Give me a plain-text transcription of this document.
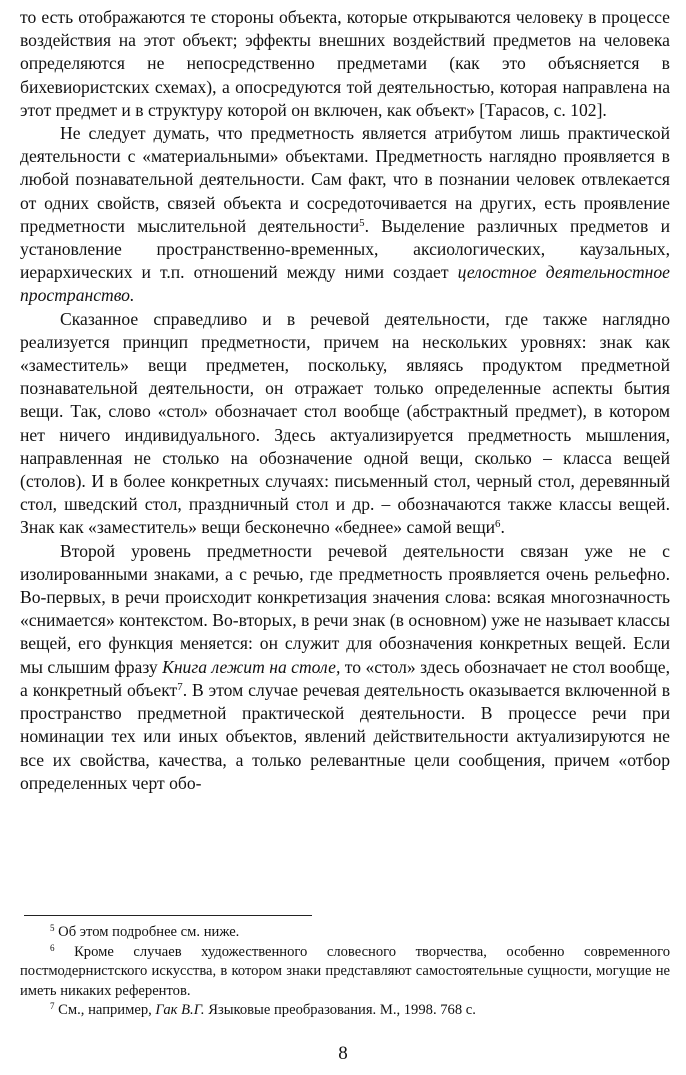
то есть отображаются те стороны объекта, которые открываются человеку в процессе воздействия на этот объект; эффекты внешних воздействий предметов на человека определяются не непосредственно предметами (как это объясняется в бихевиористских схемах), а опосредуются той деятельностью, которая направлена на этот предмет и в структуру которой он включен, как объект» [Тарасов, с. 102].

Не следует думать, что предметность является атрибутом лишь практической деятельности с «материальными» объектами. Предметность наглядно проявляется в любой познавательной деятельности. Сам факт, что в познании человек отвлекается от одних свойств, связей объекта и сосредоточивается на других, есть проявление предметности мыслительной деятельности$^5$. Выделение различных предметов и установление пространственно-временных, аксиологических, каузальных, иерархических и т.п. отношений между ними создает целостное деятельностное пространство.

Сказанное справедливо и в речевой деятельности, где также наглядно реализуется принцип предметности, причем на нескольких уровнях: знак как «заместитель» вещи предметен, поскольку, являясь продуктом предметной познавательной деятельности, он отражает только определенные аспекты бытия вещи. Так, слово «стол» обозначает стол вообще (абстрактный предмет), в котором нет ничего индивидуального. Здесь актуализируется предметность мышления, направленная не столько на обозначение одной вещи, сколько – класса вещей (столов). И в более конкретных случаях: письменный стол, черный стол, деревянный стол, шведский стол, праздничный стол и др. – обозначаются также классы вещей. Знак как «заместитель» вещи бесконечно «беднее» самой вещи$^6$.

Второй уровень предметности речевой деятельности связан уже не с изолированными знаками, а с речью, где предметность проявляется очень рельефно. Во-первых, в речи происходит конкретизация значения слова: всякая многозначность «снимается» контекстом. Во-вторых, в речи знак (в основном) уже не называет классы вещей, его функция меняется: он служит для обозначения конкретных вещей. Если мы слышим фразу Книга лежит на столе, то «стол» здесь обозначает не стол вообще, а конкретный объект$^7$. В этом случае речевая деятельность оказывается включенной в пространство предметной практической деятельности. В процессе речи при номинации тех или иных объектов, явлений действительности актуализируются не все их свойства, качества, а только релевантные цели сообщения, причем «отбор определенных черт обо-

$^5$ Об этом подробнее см. ниже.

$^6$ Кроме случаев художественного словесного творчества, особенно современного постмодернистского искусства, в котором знаки представляют самостоятельные сущности, могущие не иметь никаких референтов.

$^7$ См., например, Гак В.Г. Языковые преобразования. М., 1998. 768 с.

8
